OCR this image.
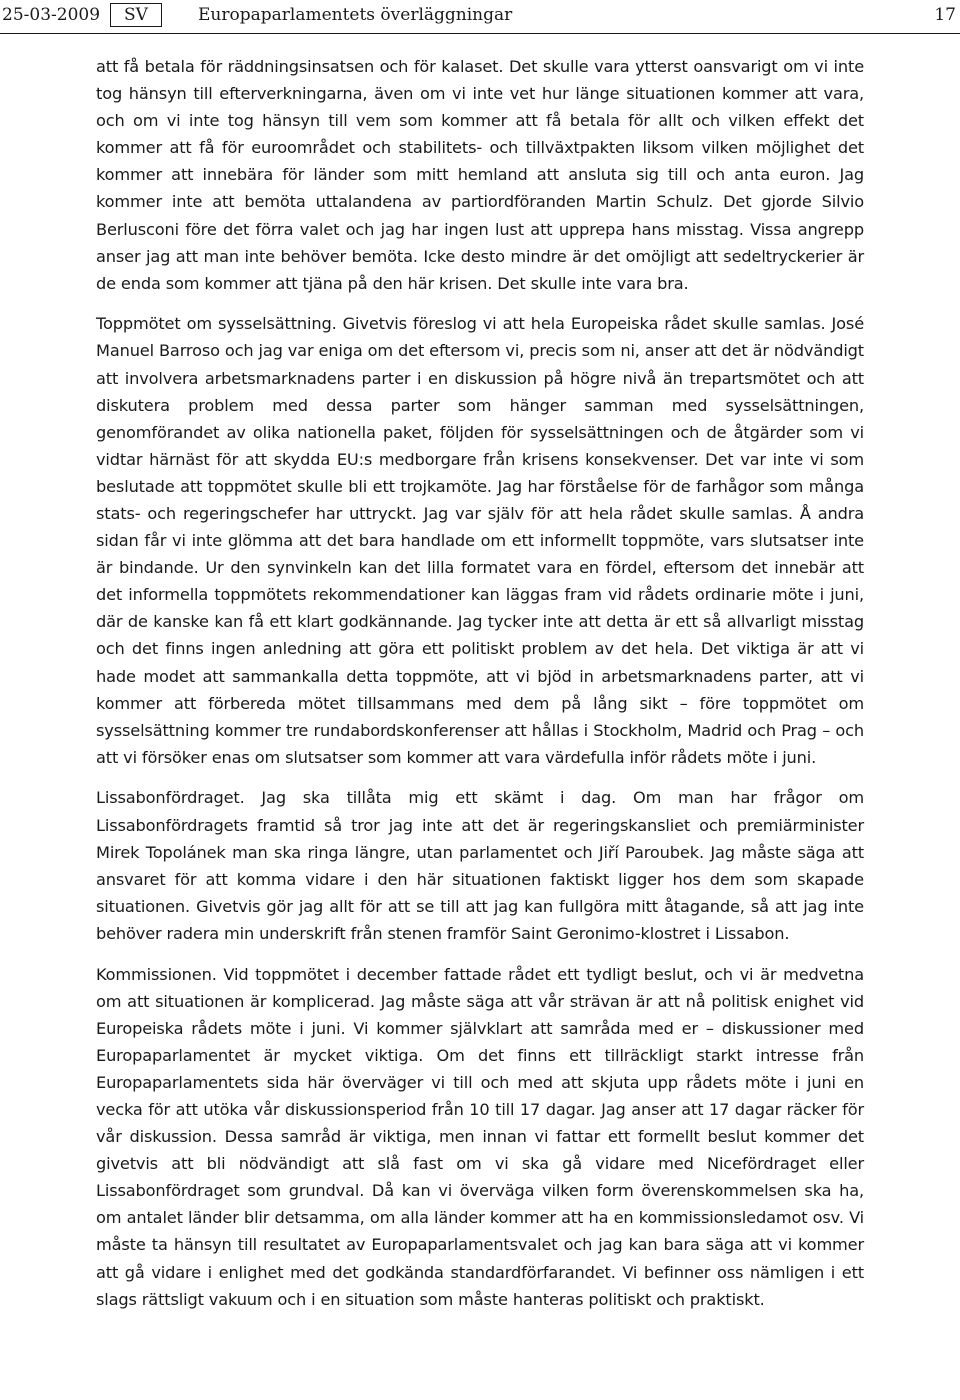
25-03-2009	SV	Europaparlamentets överläggningar	17

att få betala för räddningsinsatsen och för kalaset. Det skulle vara ytterst oansvarigt om vi inte tog hänsyn till efterverkningarna, även om vi inte vet hur länge situationen kommer att vara, och om vi inte tog hänsyn till vem som kommer att få betala för allt och vilken effekt det kommer att få för euroområdet och stabilitets- och tillväxtpakten liksom vilken möjlighet det kommer att innebära för länder som mitt hemland att ansluta sig till och anta euron. Jag kommer inte att bemöta uttalandena av partiordföranden Martin Schulz. Det gjorde Silvio Berlusconi före det förra valet och jag har ingen lust att upprepa hans misstag. Vissa angrepp anser jag att man inte behöver bemöta. Icke desto mindre är det omöjligt att sedeltryckerier är de enda som kommer att tjäna på den här krisen. Det skulle inte vara bra.

Toppmötet om sysselsättning. Givetvis föreslog vi att hela Europeiska rådet skulle samlas. José Manuel Barroso och jag var eniga om det eftersom vi, precis som ni, anser att det är nödvändigt att involvera arbetsmarknadens parter i en diskussion på högre nivå än trepartsmötet och att diskutera problem med dessa parter som hänger samman med sysselsättningen, genomförandet av olika nationella paket, följden för sysselsättningen och de åtgärder som vi vidtar härnäst för att skydda EU:s medborgare från krisens konsekvenser. Det var inte vi som beslutade att toppmötet skulle bli ett trojkamöte. Jag har förståelse för de farhågor som många stats- och regeringschefer har uttryckt. Jag var själv för att hela rådet skulle samlas. Å andra sidan får vi inte glömma att det bara handlade om ett informellt toppmöte, vars slutsatser inte är bindande. Ur den synvinkeln kan det lilla formatet vara en fördel, eftersom det innebär att det informella toppmötets rekommendationer kan läggas fram vid rådets ordinarie möte i juni, där de kanske kan få ett klart godkännande. Jag tycker inte att detta är ett så allvarligt misstag och det finns ingen anledning att göra ett politiskt problem av det hela. Det viktiga är att vi hade modet att sammankalla detta toppmöte, att vi bjöd in arbetsmarknadens parter, att vi kommer att förbereda mötet tillsammans med dem på lång sikt – före toppmötet om sysselsättning kommer tre rundabordskonferenser att hållas i Stockholm, Madrid och Prag – och att vi försöker enas om slutsatser som kommer att vara värdefulla inför rådets möte i juni.

Lissabonfördraget. Jag ska tillåta mig ett skämt i dag. Om man har frågor om Lissabonfördragets framtid så tror jag inte att det är regeringskansliet och premiärminister Mirek Topolánek man ska ringa längre, utan parlamentet och Jiří Paroubek. Jag måste säga att ansvaret för att komma vidare i den här situationen faktiskt ligger hos dem som skapade situationen. Givetvis gör jag allt för att se till att jag kan fullgöra mitt åtagande, så att jag inte behöver radera min underskrift från stenen framför Saint Geronimo-klostret i Lissabon.

Kommissionen. Vid toppmötet i december fattade rådet ett tydligt beslut, och vi är medvetna om att situationen är komplicerad. Jag måste säga att vår strävan är att nå politisk enighet vid Europeiska rådets möte i juni. Vi kommer självklart att samråda med er – diskussioner med Europaparlamentet är mycket viktiga. Om det finns ett tillräckligt starkt intresse från Europaparlamentets sida här överväger vi till och med att skjuta upp rådets möte i juni en vecka för att utöka vår diskussionsperiod från 10 till 17 dagar. Jag anser att 17 dagar räcker för vår diskussion. Dessa samråd är viktiga, men innan vi fattar ett formellt beslut kommer det givetvis att bli nödvändigt att slå fast om vi ska gå vidare med Nicefördraget eller Lissabonfördraget som grundval. Då kan vi överväga vilken form överenskommelsen ska ha, om antalet länder blir detsamma, om alla länder kommer att ha en kommissionsledamot osv. Vi måste ta hänsyn till resultatet av Europaparlamentsvalet och jag kan bara säga att vi kommer att gå vidare i enlighet med det godkända standardförfarandet. Vi befinner oss nämligen i ett slags rättsligt vakuum och i en situation som måste hanteras politiskt och praktiskt.
